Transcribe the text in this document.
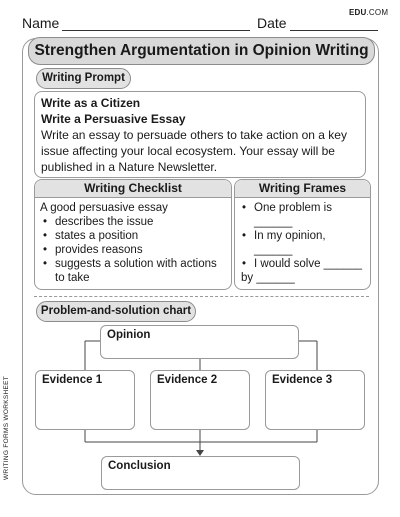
Name	Date
EDU.COM
Strengthen Argumentation in Opinion Writing
Writing Prompt
Write as a Citizen
Write a Persuasive Essay
Write an essay to persuade others to take action on a key issue affecting your local ecosystem. Your essay will be published in a Nature Newsletter.
Writing Checklist
A good persuasive essay
• describes the issue
• states a position
• provides reasons
• suggests a solution with actions to take
Writing Frames
• One problem is ______
• In my opinion, ______
• I would solve ______
by ______
Problem-and-solution chart
Opinion
Evidence 1	Evidence 2	Evidence 3
Conclusion
WRITING FORMS WORKSHEET
